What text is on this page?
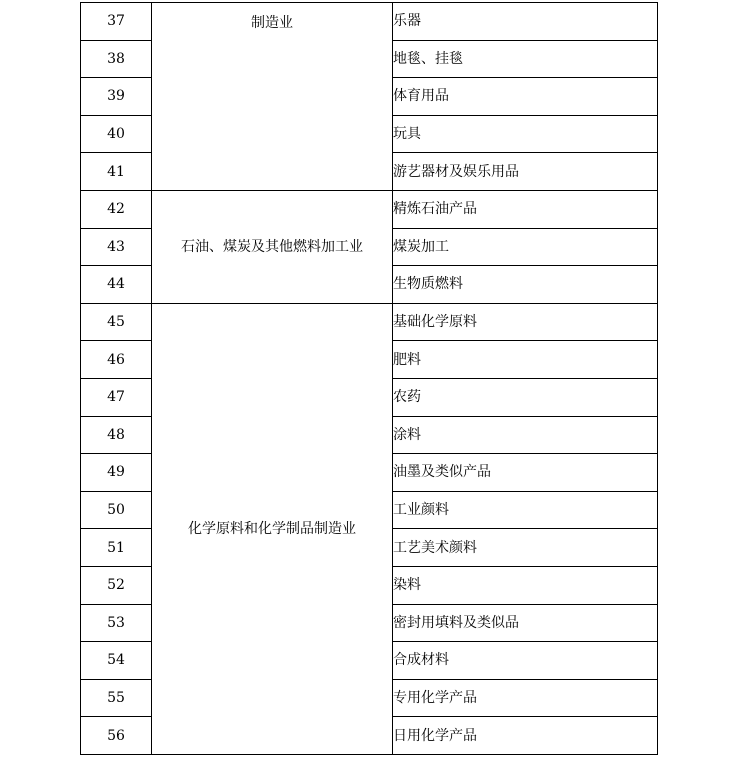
37	制造业	乐器
38		地毯、挂毯
39		体育用品
40		玩具
41		游艺器材及娱乐用品
42	石油、煤炭及其他燃料加工业	精炼石油产品
43		煤炭加工
44		生物质燃料
45	化学原料和化学制品制造业	基础化学原料
46		肥料
47		农药
48		涂料
49		油墨及类似产品
50		工业颜料
51		工艺美术颜料
52		染料
53		密封用填料及类似品
54		合成材料
55		专用化学产品
56		日用化学产品
